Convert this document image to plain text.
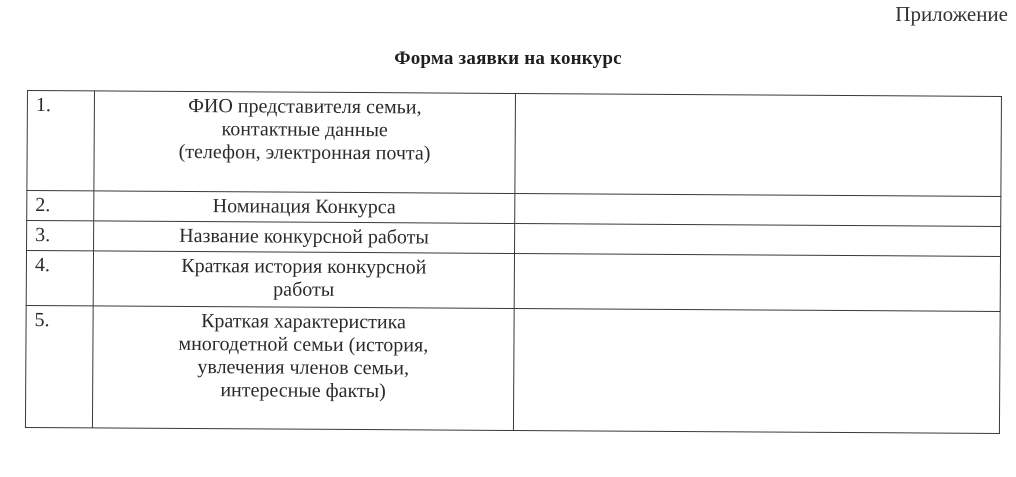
Приложение
Форма заявки на конкурс
1.	ФИО представителя семьи,
контактные данные
(телефон, электронная почта)	

2.	Номинация Конкурса	

3.	Название конкурсной работы	

4.	Краткая история конкурсной
работы	

5.	Краткая характеристика
многодетной семьи (история,
увлечения членов семьи,
интересные факты)	
